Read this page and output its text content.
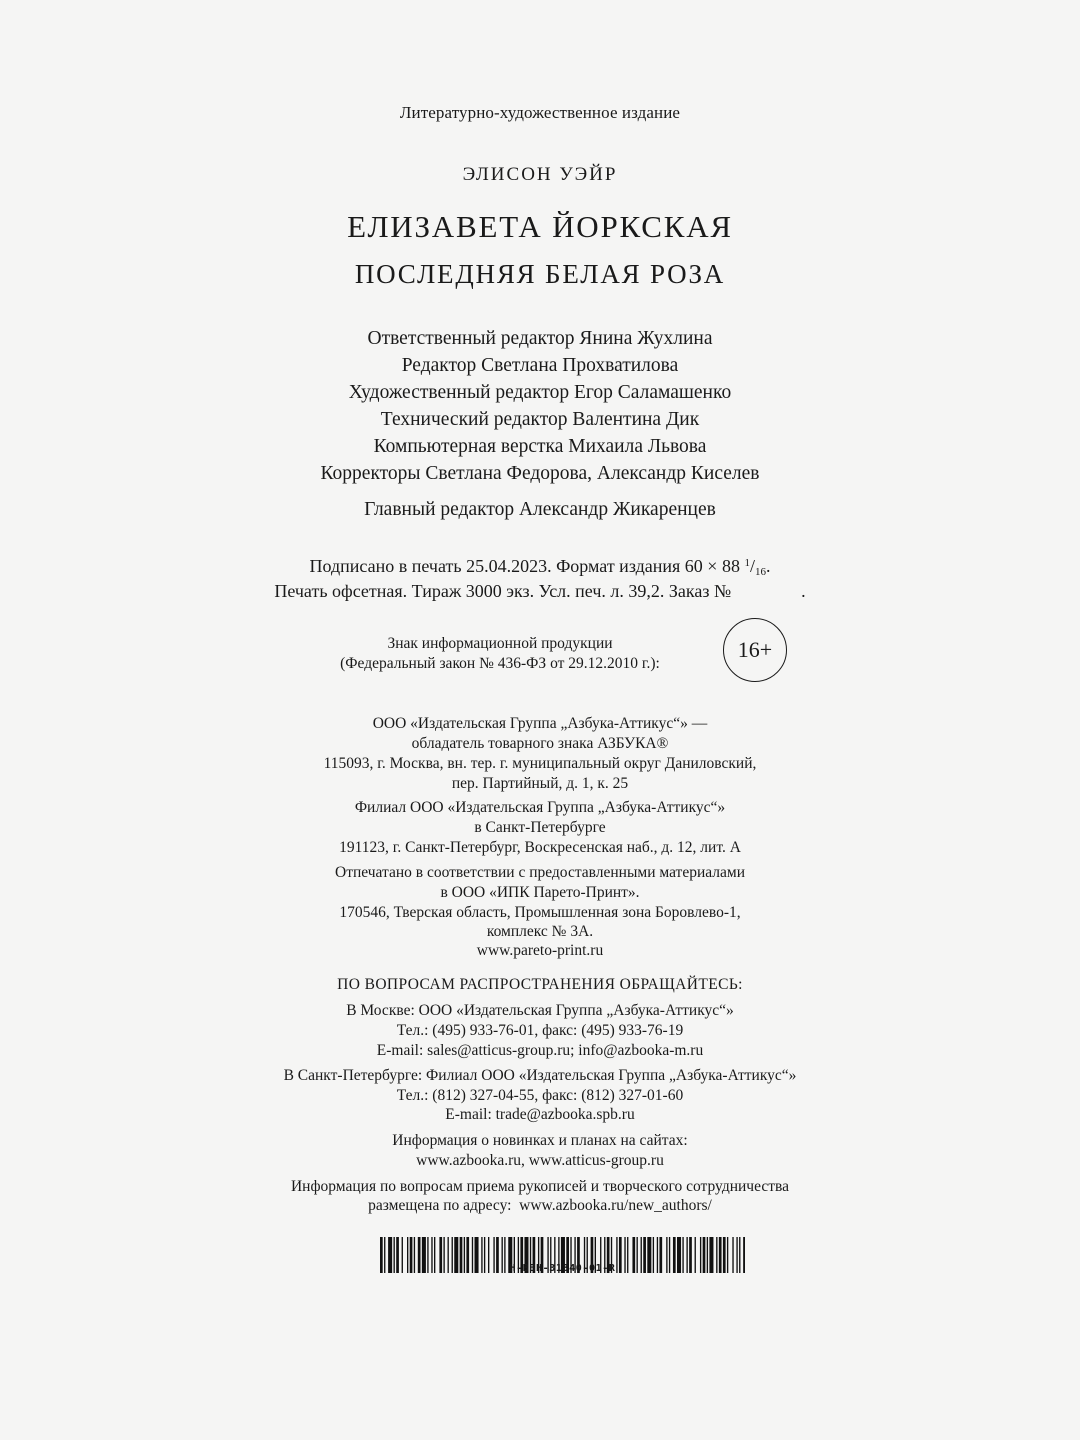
Литературно-художественное издание
ЭЛИСОН УЭЙР
ЕЛИЗАВЕТА ЙОРКСКАЯ
ПОСЛЕДНЯЯ БЕЛАЯ РОЗА
Ответственный редактор Янина Жухлина
Редактор Светлана Прохватилова
Художественный редактор Егор Саламашенко
Технический редактор Валентина Дик
Компьютерная верстка Михаила Львова
Корректоры Светлана Федорова, Александр Киселев
Главный редактор Александр Жикаренцев
Подписано в печать 25.04.2023. Формат издания 60 × 88 $^1/_{16}$.
Печать офсетная. Тираж 3000 экз. Усл. печ. л. 39,2. Заказ №	.
Знак информационной продукции
(Федеральный закон № 436-ФЗ от 29.12.2010 г.):
16+
ООО «Издательская Группа „Азбука-Аттикус“» —
обладатель товарного знака АЗБУКА®
115093, г. Москва, вн. тер. г. муниципальный округ Даниловский,
пер. Партийный, д. 1, к. 25
Филиал ООО «Издательская Группа „Азбука-Аттикус“»
в Санкт-Петербурге
191123, г. Санкт-Петербург, Воскресенская наб., д. 12, лит. А
Отпечатано в соответствии с предоставленными материалами
в ООО «ИПК Парето-Принт».
170546, Тверская область, Промышленная зона Боровлево-1,
комплекс № 3А.
www.pareto-print.ru
ПО ВОПРОСАМ РАСПРОСТРАНЕНИЯ ОБРАЩАЙТЕСЬ:
В Москве: ООО «Издательская Группа „Азбука-Аттикус“»
Тел.: (495) 933-76-01, факс: (495) 933-76-19
E-mail: sales@atticus-group.ru; info@azbooka-m.ru
В Санкт-Петербурге: Филиал ООО «Издательская Группа „Азбука-Аттикус“»
Тел.: (812) 327-04-55, факс: (812) 327-01-60
E-mail: trade@azbooka.spb.ru
Информация о новинках и планах на сайтах:
www.azbooka.ru, www.atticus-group.ru
Информация по вопросам приема рукописей и творческого сотрудничества
размещена по адресу:  www.azbooka.ru/new_authors/
H-BBH-31340-01-R
